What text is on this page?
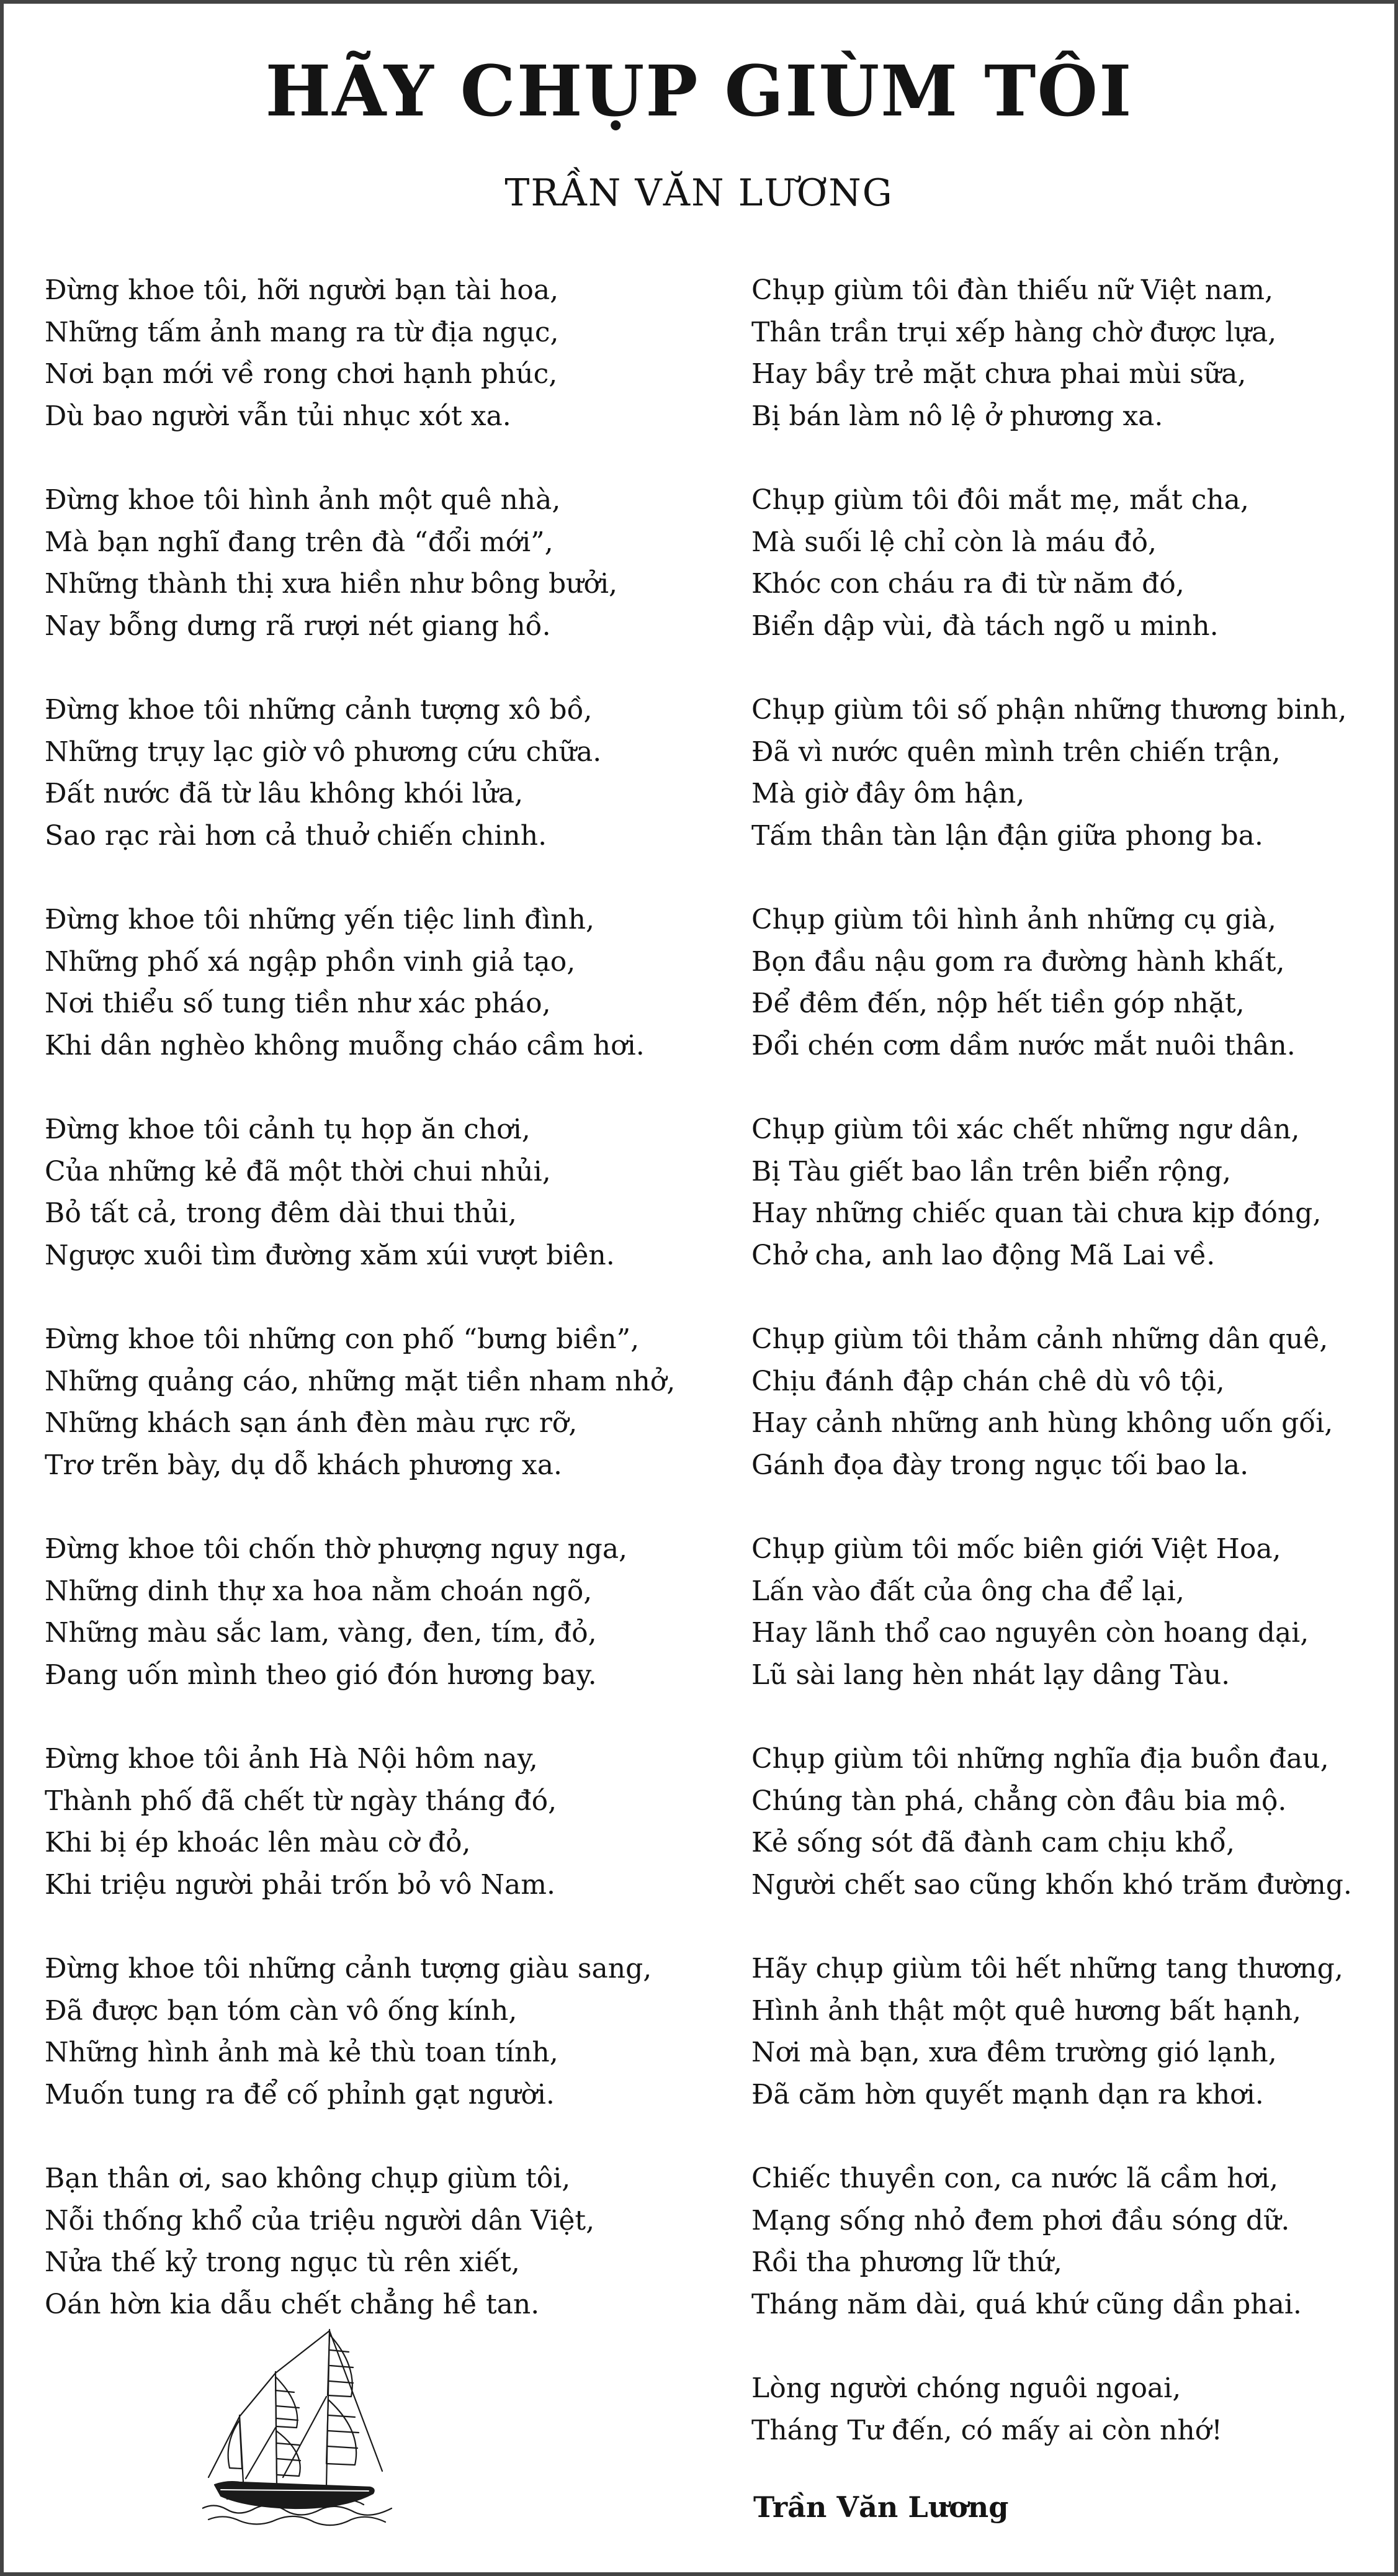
HÃY CHỤP GIÙM TÔI
TRẦN VĂN LƯƠNG
Đừng khoe tôi, hỡi người bạn tài hoa,
Những tấm ảnh mang ra từ địa ngục,
Nơi bạn mới về rong chơi hạnh phúc,
Dù bao người vẫn tủi nhục xót xa.
Đừng khoe tôi hình ảnh một quê nhà,
Mà bạn nghĩ đang trên đà “đổi mới”,
Những thành thị xưa hiền như bông bưởi,
Nay bỗng dưng rã rượi nét giang hồ.
Đừng khoe tôi những cảnh tượng xô bồ,
Những trụy lạc giờ vô phương cứu chữa.
Đất nước đã từ lâu không khói lửa,
Sao rạc rài hơn cả thuở chiến chinh.
Đừng khoe tôi những yến tiệc linh đình,
Những phố xá ngập phồn vinh giả tạo,
Nơi thiểu số tung tiền như xác pháo,
Khi dân nghèo không muỗng cháo cầm hơi.
Đừng khoe tôi cảnh tụ họp ăn chơi,
Của những kẻ đã một thời chui nhủi,
Bỏ tất cả, trong đêm dài thui thủi,
Ngược xuôi tìm đường xăm xúi vượt biên.
Đừng khoe tôi những con phố “bưng biền”,
Những quảng cáo, những mặt tiền nham nhở,
Những khách sạn ánh đèn màu rực rỡ,
Trơ trẽn bày, dụ dỗ khách phương xa.
Đừng khoe tôi chốn thờ phượng nguy nga,
Những dinh thự xa hoa nằm choán ngõ,
Những màu sắc lam, vàng, đen, tím, đỏ,
Đang uốn mình theo gió đón hương bay.
Đừng khoe tôi ảnh Hà Nội hôm nay,
Thành phố đã chết từ ngày tháng đó,
Khi bị ép khoác lên màu cờ đỏ,
Khi triệu người phải trốn bỏ vô Nam.
Đừng khoe tôi những cảnh tượng giàu sang,
Đã được bạn tóm càn vô ống kính,
Những hình ảnh mà kẻ thù toan tính,
Muốn tung ra để cố phỉnh gạt người.
Bạn thân ơi, sao không chụp giùm tôi,
Nỗi thống khổ của triệu người dân Việt,
Nửa thế kỷ trong ngục tù rên xiết,
Oán hờn kia dẫu chết chẳng hề tan.
Chụp giùm tôi đàn thiếu nữ Việt nam,
Thân trần trụi xếp hàng chờ được lựa,
Hay bầy trẻ mặt chưa phai mùi sữa,
Bị bán làm nô lệ ở phương xa.
Chụp giùm tôi đôi mắt mẹ, mắt cha,
Mà suối lệ chỉ còn là máu đỏ,
Khóc con cháu ra đi từ năm đó,
Biển dập vùi, đà tách ngõ u minh.
Chụp giùm tôi số phận những thương binh,
Đã vì nước quên mình trên chiến trận,
Mà giờ đây ôm hận,
Tấm thân tàn lận đận giữa phong ba.
Chụp giùm tôi hình ảnh những cụ già,
Bọn đầu nậu gom ra đường hành khất,
Để đêm đến, nộp hết tiền góp nhặt,
Đổi chén cơm dầm nước mắt nuôi thân.
Chụp giùm tôi xác chết những ngư dân,
Bị Tàu giết bao lần trên biển rộng,
Hay những chiếc quan tài chưa kịp đóng,
Chở cha, anh lao động Mã Lai về.
Chụp giùm tôi thảm cảnh những dân quê,
Chịu đánh đập chán chê dù vô tội,
Hay cảnh những anh hùng không uốn gối,
Gánh đọa đày trong ngục tối bao la.
Chụp giùm tôi mốc biên giới Việt Hoa,
Lấn vào đất của ông cha để lại,
Hay lãnh thổ cao nguyên còn hoang dại,
Lũ sài lang hèn nhát lạy dâng Tàu.
Chụp giùm tôi những nghĩa địa buồn đau,
Chúng tàn phá, chẳng còn đâu bia mộ.
Kẻ sống sót đã đành cam chịu khổ,
Người chết sao cũng khốn khó trăm đường.
Hãy chụp giùm tôi hết những tang thương,
Hình ảnh thật một quê hương bất hạnh,
Nơi mà bạn, xưa đêm trường gió lạnh,
Đã căm hờn quyết mạnh dạn ra khơi.
Chiếc thuyền con, ca nước lã cầm hơi,
Mạng sống nhỏ đem phơi đầu sóng dữ.
Rồi tha phương lữ thứ,
Tháng năm dài, quá khứ cũng dần phai.
Lòng người chóng nguôi ngoai,
Tháng Tư đến, có mấy ai còn nhớ!
Trần Văn Lương
